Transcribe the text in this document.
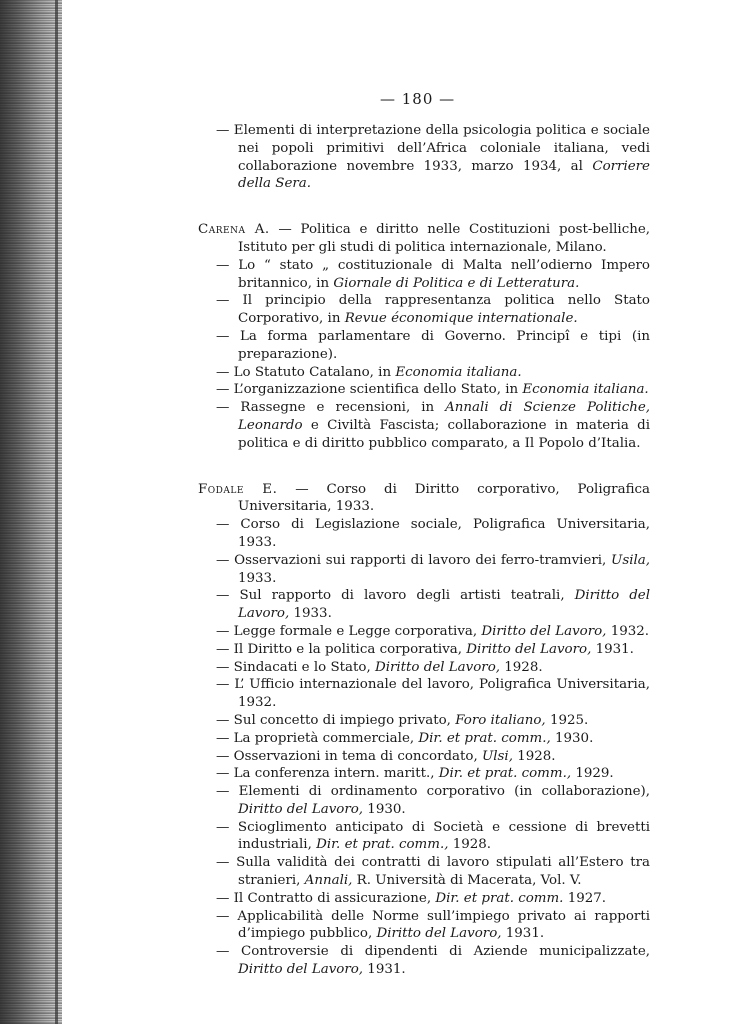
— 180 —
— Elementi di interpretazione della psicologia politica e sociale nei popoli primitivi dell’Africa coloniale italiana, vedi collaborazione novembre 1933, marzo 1934, al Corriere della Sera.
Carena A. — Politica e diritto nelle Costituzioni post-belliche, Istituto per gli studi di politica internazionale, Milano.
— Lo “ stato „ costituzionale di Malta nell’odierno Impero britannico, in Giornale di Politica e di Letteratura.
— Il principio della rappresentanza politica nello Stato Corporativo, in Revue économique internationale.
— La forma parlamentare di Governo. Principî e tipi (in preparazione).
— Lo Statuto Catalano, in Economia italiana.
— L’organizzazione scientifica dello Stato, in Economia italiana.
— Rassegne e recensioni, in Annali di Scienze Politiche, Leonardo e Civiltà Fascista; collaborazione in materia di politica e di diritto pubblico comparato, a Il Popolo d’Italia.
Fodale E. — Corso di Diritto corporativo, Poligrafica Universitaria, 1933.
— Corso di Legislazione sociale, Poligrafica Universitaria, 1933.
— Osservazioni sui rapporti di lavoro dei ferro-tramvieri, Usila, 1933.
— Sul rapporto di lavoro degli artisti teatrali, Diritto del Lavoro, 1933.
— Legge formale e Legge corporativa, Diritto del Lavoro, 1932.
— Il Diritto e la politica corporativa, Diritto del Lavoro, 1931.
— Sindacati e lo Stato, Diritto del Lavoro, 1928.
— L’ Ufficio internazionale del lavoro, Poligrafica Universitaria, 1932.
— Sul concetto di impiego privato, Foro italiano, 1925.
— La proprietà commerciale, Dir. et prat. comm., 1930.
— Osservazioni in tema di concordato, Ulsi, 1928.
— La conferenza intern. maritt., Dir. et prat. comm., 1929.
— Elementi di ordinamento corporativo (in collaborazione), Diritto del Lavoro, 1930.
— Scioglimento anticipato di Società e cessione di brevetti industriali, Dir. et prat. comm., 1928.
— Sulla validità dei contratti di lavoro stipulati all’Estero tra stranieri, Annali, R. Università di Macerata, Vol. V.
— Il Contratto di assicurazione, Dir. et prat. comm. 1927.
— Applicabilità delle Norme sull’impiego privato ai rapporti d’impiego pubblico, Diritto del Lavoro, 1931.
— Controversie di dipendenti di Aziende municipalizzate, Diritto del Lavoro, 1931.
